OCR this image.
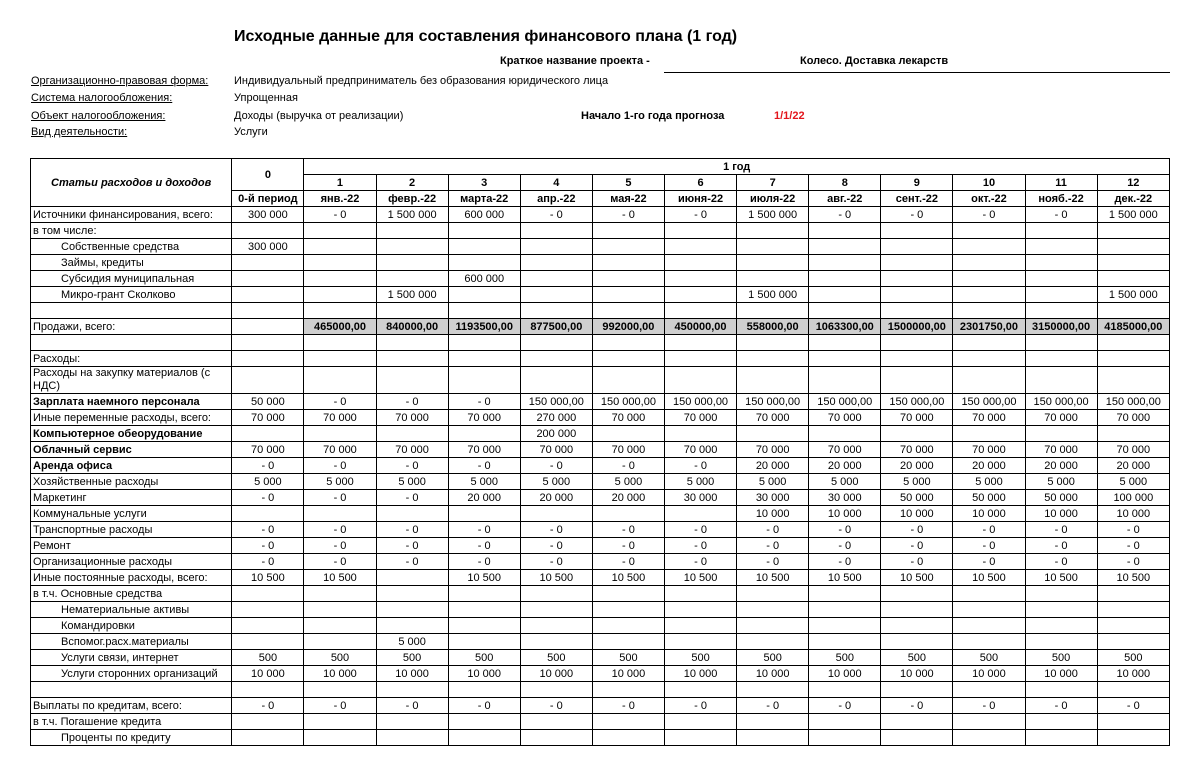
Исходные данные для составления финансового плана (1 год)
Краткое название проекта -	Колесо. Доставка лекарств
Организационно-правовая форма: Индивидуальный предприниматель без образования юридического лица
Система налогообложения:	Упрощенная
Объект налогообложения:	Доходы (выручка от реализации)
Вид деятельности:	Услуги
Начало 1-го года прогноза	1/1/22
Статьи расходов и доходов	0	1 год											
		1	2	3	4	5	6	7	8	9	10	11	12
	0-й период	янв.-22	февр.-22	марта-22	апр.-22	мая-22	июня-22	июля-22	авг.-22	сент.-22	окт.-22	нояб.-22	дек.-22
Источники финансирования, всего:	300 000	- 0	1 500 000	600 000	- 0	- 0	- 0	1 500 000	- 0	- 0	- 0	- 0	1 500 000
в том числе:													
Собственные средства	300 000												
Займы, кредиты													
Субсидия муниципальная				600 000									
Микро-грант Сколково			1 500 000					1 500 000					1 500 000

Продажи, всего:		465000,00	840000,00	1193500,00	877500,00	992000,00	450000,00	558000,00	1063300,00	1500000,00	2301750,00	3150000,00	4185000,00

Расходы:													
Расходы на закупку материалов (с НДС)													
Зарплата наемного персонала	50 000	- 0	- 0	- 0	150 000,00	150 000,00	150 000,00	150 000,00	150 000,00	150 000,00	150 000,00	150 000,00	150 000,00
Иные переменные расходы, всего:	70 000	70 000	70 000	70 000	270 000	70 000	70 000	70 000	70 000	70 000	70 000	70 000	70 000
Компьютерное обеорудование					200 000								
Облачный сервис	70 000	70 000	70 000	70 000	70 000	70 000	70 000	70 000	70 000	70 000	70 000	70 000	70 000
Аренда офиса	- 0	- 0	- 0	- 0	- 0	- 0	- 0	20 000	20 000	20 000	20 000	20 000	20 000
Хозяйственные расходы	5 000	5 000	5 000	5 000	5 000	5 000	5 000	5 000	5 000	5 000	5 000	5 000	5 000
Маркетинг	- 0	- 0	- 0	20 000	20 000	20 000	30 000	30 000	30 000	50 000	50 000	50 000	100 000
Коммунальные услуги								10 000	10 000	10 000	10 000	10 000	10 000
Транспортные расходы	- 0	- 0	- 0	- 0	- 0	- 0	- 0	- 0	- 0	- 0	- 0	- 0	- 0
Ремонт	- 0	- 0	- 0	- 0	- 0	- 0	- 0	- 0	- 0	- 0	- 0	- 0	- 0
Организационные расходы	- 0	- 0	- 0	- 0	- 0	- 0	- 0	- 0	- 0	- 0	- 0	- 0	- 0
Иные постоянные расходы, всего:	10 500	10 500		10 500	10 500	10 500	10 500	10 500	10 500	10 500	10 500	10 500	10 500
в т.ч. Основные средства													
Нематериальные активы													
Командировки													
Вспомог.расх.материалы			5 000										
Услуги связи, интернет	500	500	500	500	500	500	500	500	500	500	500	500	500
Услуги сторонних организаций	10 000	10 000	10 000	10 000	10 000	10 000	10 000	10 000	10 000	10 000	10 000	10 000	10 000

Выплаты по кредитам, всего:	- 0	- 0	- 0	- 0	- 0	- 0	- 0	- 0	- 0	- 0	- 0	- 0	- 0
в т.ч. Погашение кредита													
Проценты по кредиту													
